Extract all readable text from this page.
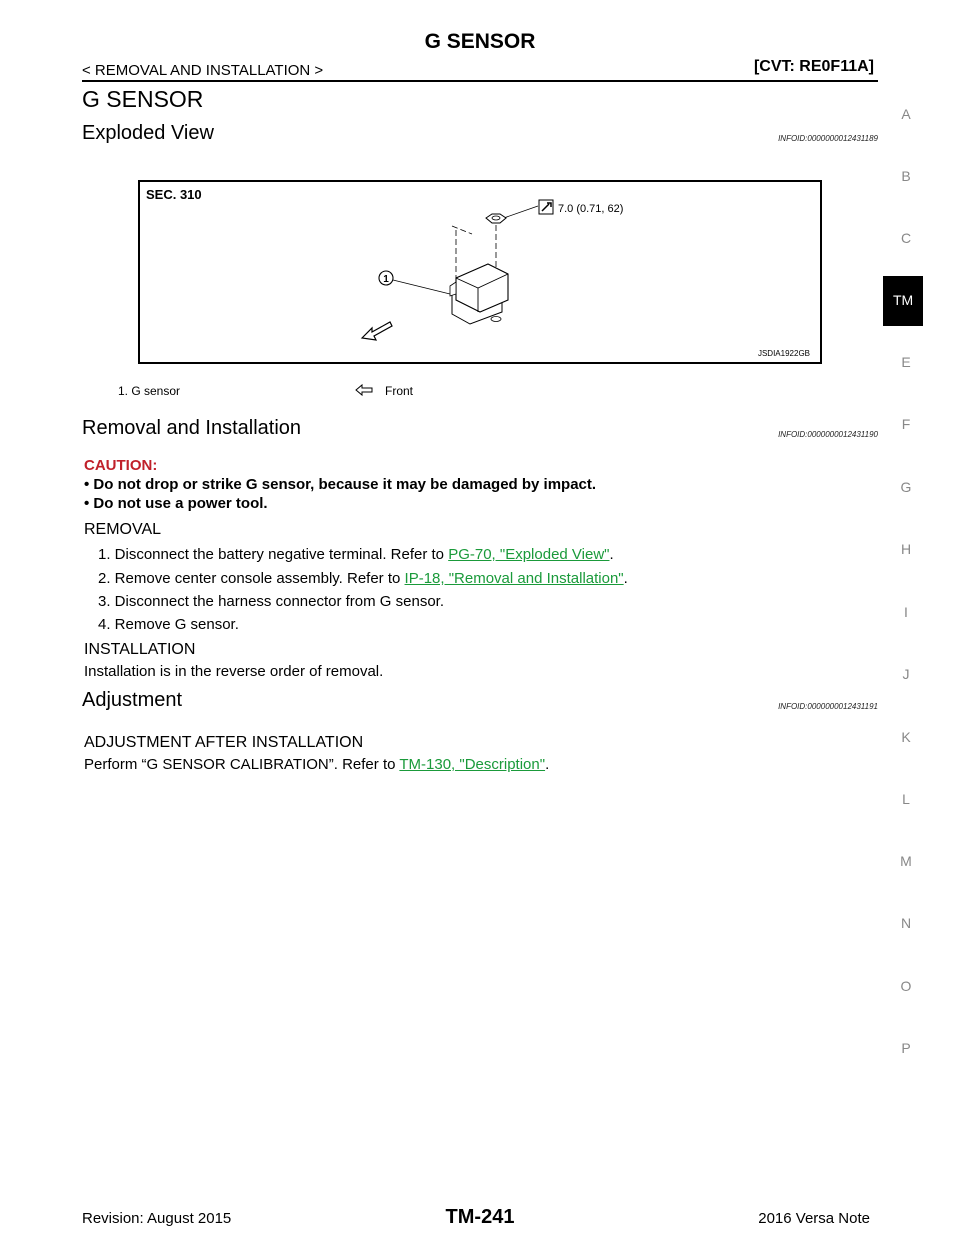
G SENSOR
< REMOVAL AND INSTALLATION >	[CVT: RE0F11A]
A
B
C
TM
E
F
G
H
I
J
K
L
M
N
O
P
G SENSOR
Exploded View	INFOID:0000000012431189
SEC. 310
7.0 (0.71, 62)
1
JSDIA1922GB
1. G sensor	Front
Removal and Installation	INFOID:0000000012431190
CAUTION:
• Do not drop or strike G sensor, because it may be damaged by impact.
• Do not use a power tool.
REMOVAL
1. Disconnect the battery negative terminal. Refer to PG-70, "Exploded View".
2. Remove center console assembly. Refer to IP-18, "Removal and Installation".
3. Disconnect the harness connector from G sensor.
4. Remove G sensor.
INSTALLATION
Installation is in the reverse order of removal.
Adjustment	INFOID:0000000012431191
ADJUSTMENT AFTER INSTALLATION
Perform “G SENSOR CALIBRATION”. Refer to TM-130, "Description".
Revision: August 2015	TM-241	2016 Versa Note
